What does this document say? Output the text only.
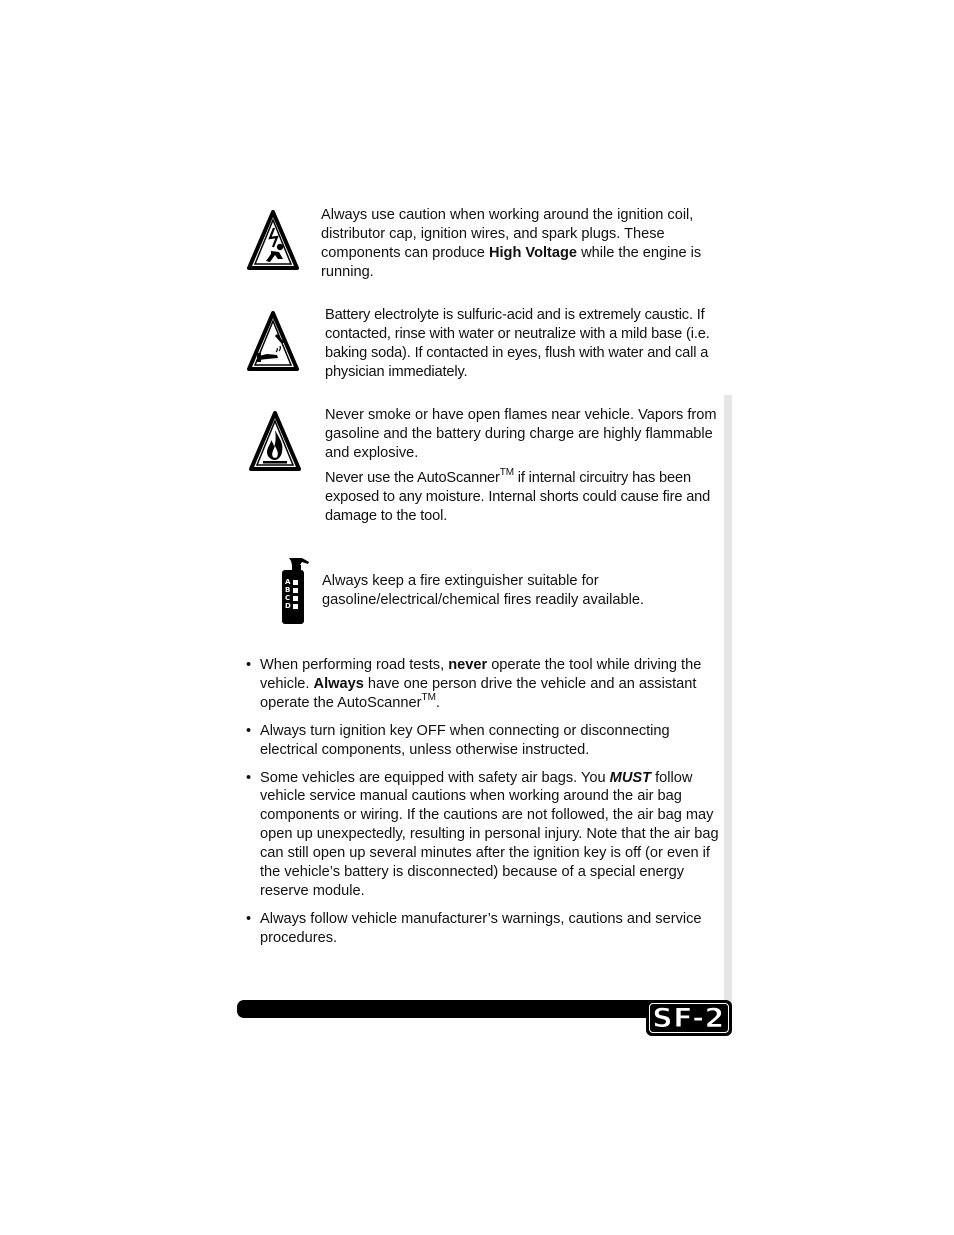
Always use caution when working around the ignition coil, distributor cap, ignition wires, and spark plugs. These components can produce High Voltage while the engine is running.

Battery electrolyte is sulfuric-acid and is extremely caustic. If contacted, rinse with water or neutralize with a mild base (i.e. baking soda). If contacted in eyes, flush with water and call a physician immediately.

Never smoke or have open flames near vehicle. Vapors from gasoline and the battery during charge are highly flammable and explosive.

Never use the AutoScanner™ if internal circuitry has been exposed to any moisture. Internal shorts could cause fire and damage to the tool.

A
B
C
D

Always keep a fire extinguisher suitable for gasoline/electrical/chemical fires readily available.

• When performing road tests, never operate the tool while driving the vehicle. Always have one person drive the vehicle and an assistant operate the AutoScanner™.
• Always turn ignition key OFF when connecting or disconnecting electrical components, unless otherwise instructed.
• Some vehicles are equipped with safety air bags. You MUST follow vehicle service manual cautions when working around the air bag components or wiring. If the cautions are not followed, the air bag may open up unexpectedly, resulting in personal injury. Note that the air bag can still open up several minutes after the ignition key is off (or even if the vehicle’s battery is disconnected) because of a special energy reserve module.
• Always follow vehicle manufacturer’s warnings, cautions and service procedures.
SF-2
